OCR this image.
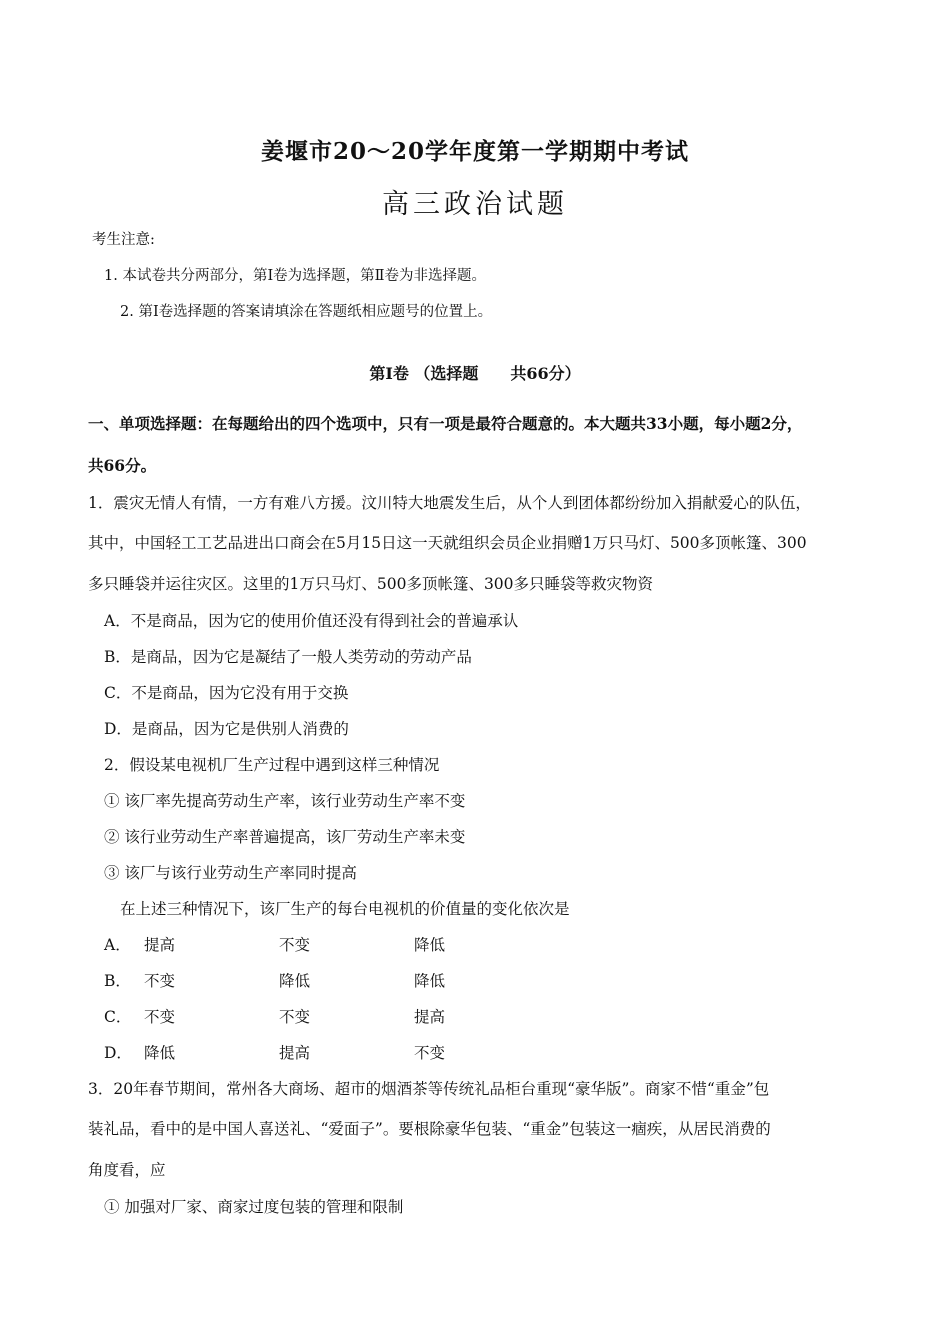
姜堰市20～20学年度第一学期期中考试
高三政治试题
考生注意:
1. 本试卷共分两部分，第Ⅰ卷为选择题，第Ⅱ卷为非选择题。
2. 第Ⅰ卷选择题的答案请填涂在答题纸相应题号的位置上。
第Ⅰ卷 （选择题　　共66分）
一、单项选择题：在每题给出的四个选项中，只有一项是最符合题意的。本大题共33小题，每小题2分，
共66分。
1．震灾无情人有情，一方有难八方援。汶川特大地震发生后，从个人到团体都纷纷加入捐献爱心的队伍，
其中，中国轻工工艺品进出口商会在5月15日这一天就组织会员企业捐赠1万只马灯、500多顶帐篷、300
多只睡袋并运往灾区。这里的1万只马灯、500多顶帐篷、300多只睡袋等救灾物资
A．不是商品，因为它的使用价值还没有得到社会的普遍承认
B．是商品，因为它是凝结了一般人类劳动的劳动产品
C．不是商品，因为它没有用于交换
D．是商品，因为它是供别人消费的
2．假设某电视机厂生产过程中遇到这样三种情况
① 该厂率先提高劳动生产率，该行业劳动生产率不变
② 该行业劳动生产率普遍提高，该厂劳动生产率未变
③ 该厂与该行业劳动生产率同时提高
在上述三种情况下，该厂生产的每台电视机的价值量的变化依次是
A． 提高	不变	降低
B． 不变	降低	降低
C． 不变	不变	提高
D． 降低	提高	不变
3．20年春节期间，常州各大商场、超市的烟酒茶等传统礼品柜台重现“豪华版”。商家不惜“重金”包
装礼品，看中的是中国人喜送礼、“爱面子”。要根除豪华包装、“重金”包装这一痼疾，从居民消费的
角度看，应
① 加强对厂家、商家过度包装的管理和限制
